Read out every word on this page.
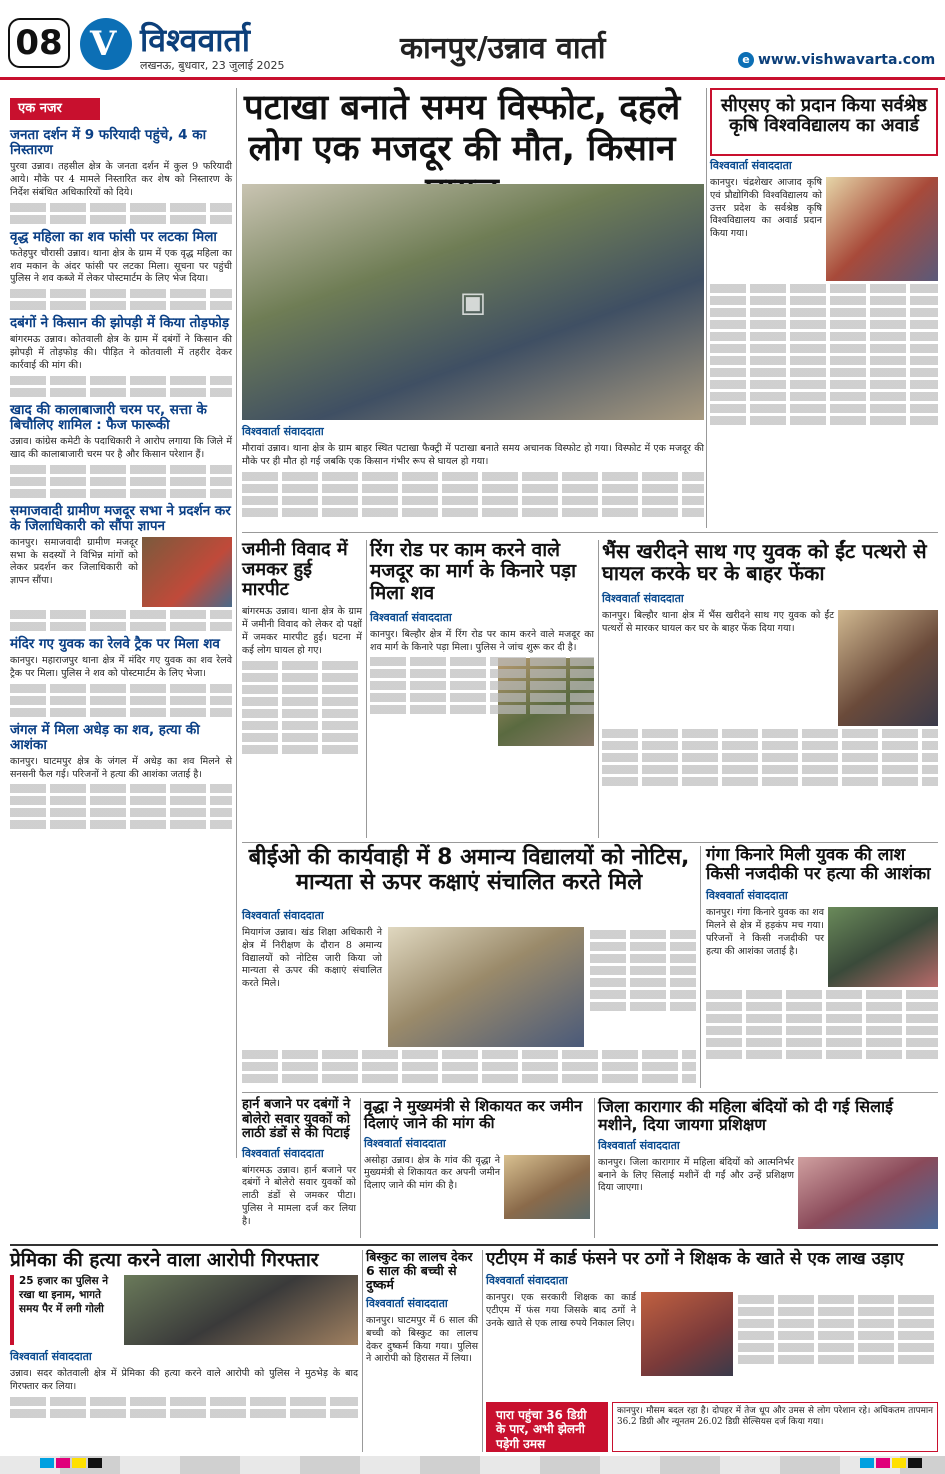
08 V विश्ववार्ता
लखनऊ, बुधवार, 23 जुलाई 2025	कानपुर/उन्नाव वार्ता	e www.vishwavarta.com
एक नजर
जनता दर्शन में 9 फरियादी पहुंचे, 4 का निस्तारण
पुरवा उन्नाव। तहसील क्षेत्र के जनता दर्शन में कुल 9 फरियादी आये। मौके पर 4 मामले निस्तारित कर शेष को निस्तारण के निर्देश संबंधित अधिकारियों को दिये।
वृद्ध महिला का शव फांसी पर लटका मिला
फतेहपुर चौरासी उन्नाव। थाना क्षेत्र के ग्राम में एक वृद्ध महिला का शव मकान के अंदर फांसी पर लटका मिला। सूचना पर पहुंची पुलिस ने शव कब्जे में लेकर पोस्टमार्टम के लिए भेज दिया।
दबंगों ने किसान की झोपड़ी में किया तोड़फोड़
बांगरमऊ उन्नाव। कोतवाली क्षेत्र के ग्राम में दबंगों ने किसान की झोपड़ी में तोड़फोड़ की। पीड़ित ने कोतवाली में तहरीर देकर कार्रवाई की मांग की।
खाद की कालाबाजारी चरम पर, सत्ता के बिचौलिए शामिल : फैज फारूकी
उन्नाव। कांग्रेस कमेटी के पदाधिकारी ने आरोप लगाया कि जिले में खाद की कालाबाजारी चरम पर है और किसान परेशान हैं।
समाजवादी ग्रामीण मजदूर सभा ने प्रदर्शन कर के जिलाधिकारी को सौंपा ज्ञापन
कानपुर। समाजवादी ग्रामीण मजदूर सभा के सदस्यों ने विभिन्न मांगों को लेकर प्रदर्शन कर जिलाधिकारी को ज्ञापन सौंपा।
मंदिर गए युवक का रेलवे ट्रैक पर मिला शव
कानपुर। महाराजपुर थाना क्षेत्र में मंदिर गए युवक का शव रेलवे ट्रैक पर मिला। पुलिस ने शव को पोस्टमार्टम के लिए भेजा।
जंगल में मिला अधेड़ का शव, हत्या की आशंका
कानपुर। घाटमपुर क्षेत्र के जंगल में अधेड़ का शव मिलने से सनसनी फैल गई। परिजनों ने हत्या की आशंका जताई है।
पटाखा बनाते समय विस्फोट, दहले लोग एक मजदूर की मौत, किसान
▣
विश्ववार्ता संवाददाता
मौरावां उन्नाव। थाना क्षेत्र के ग्राम बाहर स्थित पटाखा फैक्ट्री में पटाखा बनाते समय अचानक विस्फोट हो गया। विस्फोट में एक मजदूर की मौके पर ही मौत हो गई जबकि एक किसान गंभीर रूप से घायल हो गया।
सीएसए को प्रदान किया सर्वश्रेष्ठ कृषि विश्वविद्यालय का अवार्ड
विश्ववार्ता संवाददाता
कानपुर। चंद्रशेखर आजाद कृषि एवं प्रौद्योगिकी विश्वविद्यालय को उत्तर प्रदेश के सर्वश्रेष्ठ कृषि विश्वविद्यालय का अवार्ड प्रदान किया गया।
जमीनी विवाद में जमकर हुई मारपीट
बांगरमऊ उन्नाव। थाना क्षेत्र के ग्राम में जमीनी विवाद को लेकर दो पक्षों में जमकर मारपीट हुई। घटना में कई लोग घायल हो गए।
रिंग रोड पर काम करने वाले मजदूर का मार्ग के किनारे पड़ा मिला शव
विश्ववार्ता संवाददाता
कानपुर। बिल्हौर क्षेत्र में रिंग रोड पर काम करने वाले मजदूर का शव मार्ग के किनारे पड़ा मिला। पुलिस ने जांच शुरू कर दी है।
भैंस खरीदने साथ गए युवक को ईंट पत्थरो से घायल करके घर के बाहर फेंका
विश्ववार्ता संवाददाता
कानपुर। बिल्हौर थाना क्षेत्र में भैंस खरीदने साथ गए युवक को ईंट पत्थरों से मारकर घायल कर घर के बाहर फेंक दिया गया।
बीईओ की कार्यवाही में 8 अमान्य विद्यालयों को नोटिस, मान्यता से ऊपर कक्षाएं संचालित करते मिले
विश्ववार्ता संवाददाता
मियागंज उन्नाव। खंड शिक्षा अधिकारी ने क्षेत्र में निरीक्षण के दौरान 8 अमान्य विद्यालयों को नोटिस जारी किया जो मान्यता से ऊपर की कक्षाएं संचालित करते मिले।
गंगा किनारे मिली युवक की लाश किसी नजदीकी पर हत्या की आशंका
विश्ववार्ता संवाददाता
कानपुर। गंगा किनारे युवक का शव मिलने से क्षेत्र में हड़कंप मच गया। परिजनों ने किसी नजदीकी पर हत्या की आशंका जताई है।
हार्न बजाने पर दबंगों ने बोलेरो सवार युवकों को लाठी डंडों से की पिटाई
विश्ववार्ता संवाददाता
बांगरमऊ उन्नाव। हार्न बजाने पर दबंगों ने बोलेरो सवार युवकों को लाठी डंडों से जमकर पीटा। पुलिस ने मामला दर्ज कर लिया है।
वृद्धा ने मुख्यमंत्री से शिकायत कर जमीन दिलाएं जाने की मांग की
विश्ववार्ता संवाददाता
असोहा उन्नाव। क्षेत्र के गांव की वृद्धा ने मुख्यमंत्री से शिकायत कर अपनी जमीन दिलाए जाने की मांग की है।
जिला कारागार की महिला बंदियों को दी गई सिलाई मशीने, दिया जायगा प्रशिक्षण
विश्ववार्ता संवाददाता
कानपुर। जिला कारागार में महिला बंदियों को आत्मनिर्भर बनाने के लिए सिलाई मशीनें दी गईं और उन्हें प्रशिक्षण दिया जाएगा।
प्रेमिका की हत्या करने वाला आरोपी गिरफ्तार
25 हजार का पुलिस ने रखा था इनाम, भागते समय पैर में लगी गोली
विश्ववार्ता संवाददाता
उन्नाव। सदर कोतवाली क्षेत्र में प्रेमिका की हत्या करने वाले आरोपी को पुलिस ने मुठभेड़ के बाद गिरफ्तार कर लिया।
बिस्कुट का लालच देकर 6 साल की बच्ची से दुष्कर्म
विश्ववार्ता संवाददाता
कानपुर। घाटमपुर में 6 साल की बच्ची को बिस्कुट का लालच देकर दुष्कर्म किया गया। पुलिस ने आरोपी को हिरासत में लिया।
एटीएम में कार्ड फंसने पर ठगों ने शिक्षक के खाते से एक लाख उड़ाए
विश्ववार्ता संवाददाता
कानपुर। एक सरकारी शिक्षक का कार्ड एटीएम में फंस गया जिसके बाद ठगों ने उनके खाते से एक लाख रुपये निकाल लिए।
पारा पहुंचा 36 डिग्री के पार, अभी झेलनी पड़ेगी उमस
कानपुर। मौसम बदल रहा है। दोपहर में तेज धूप और उमस से लोग परेशान रहे। अधिकतम तापमान 36.2 डिग्री और न्यूनतम 26.02 डिग्री सेल्सियस दर्ज किया गया।
